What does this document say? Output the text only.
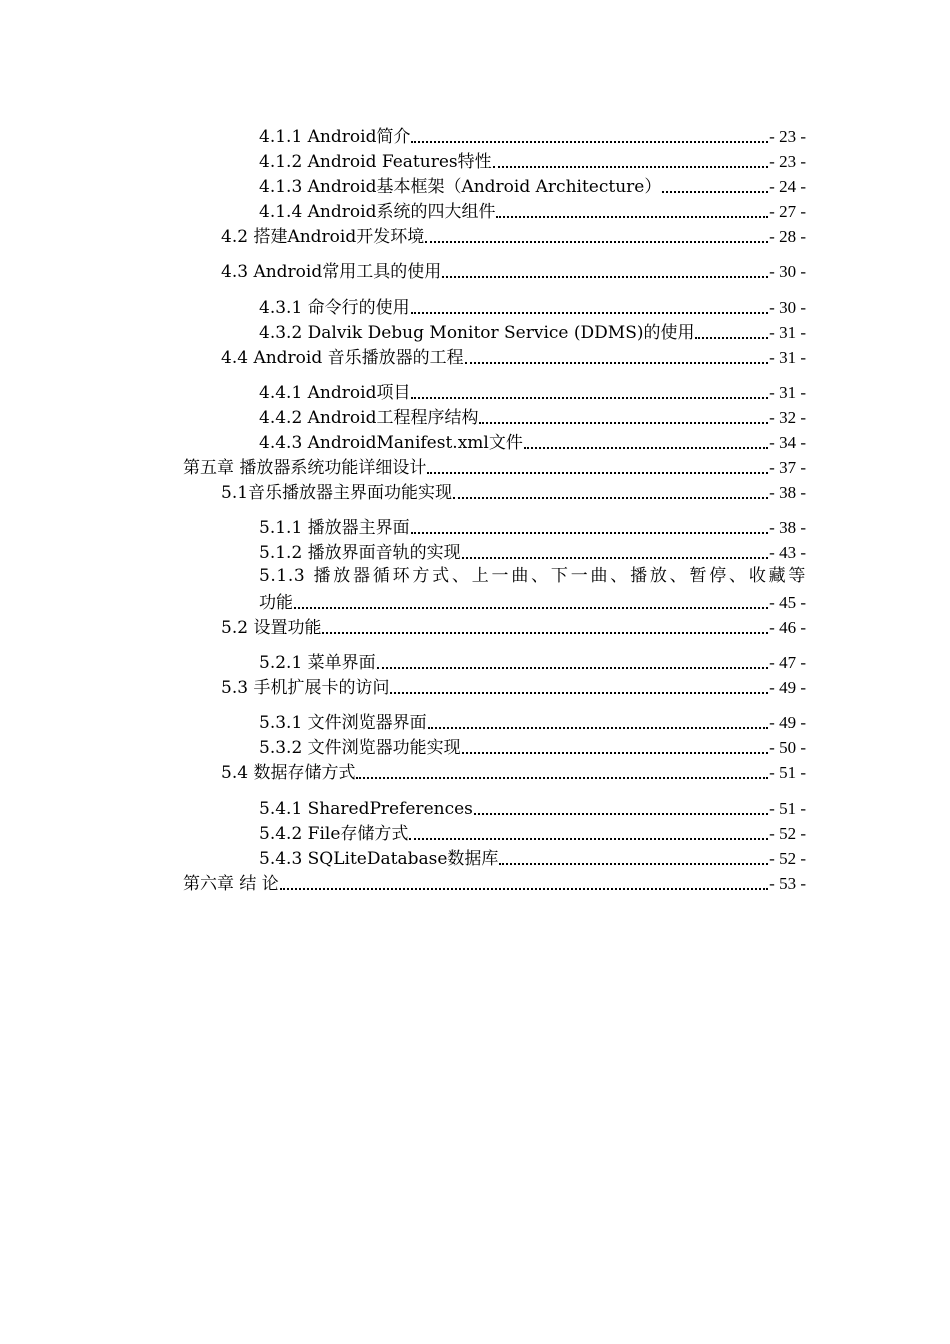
4.1.1 Android简介	- 23 -
4.1.2 Android Features特性	- 23 -
4.1.3 Android基本框架（Android Architecture）	- 24 -
4.1.4 Android系统的四大组件	- 27 -
4.2 搭建Android开发环境	- 28 -
4.3 Android常用工具的使用	- 30 -
4.3.1 命令行的使用	- 30 -
4.3.2 Dalvik Debug Monitor Service (DDMS)的使用	- 31 -
4.4 Android 音乐播放器的工程	- 31 -
4.4.1 Android项目	- 31 -
4.4.2 Android工程程序结构	- 32 -
4.4.3 AndroidManifest.xml文件	- 34 -
第五章 播放器系统功能详细设计	- 37 -
5.1音乐播放器主界面功能实现	- 38 -
5.1.1 播放器主界面	- 38 -
5.1.2 播放界面音轨的实现	- 43 -
5.1.3 播放器循环方式、上一曲、下一曲、播放、暂停、收藏等
功能	- 45 -
5.2 设置功能	- 46 -
5.2.1 菜单界面	- 47 -
5.3 手机扩展卡的访问	- 49 -
5.3.1 文件浏览器界面	- 49 -
5.3.2 文件浏览器功能实现	- 50 -
5.4 数据存储方式	- 51 -
5.4.1 SharedPreferences	- 51 -
5.4.2 File存储方式	- 52 -
5.4.3 SQLiteDatabase数据库	- 52 -
第六章 结 论	- 53 -
